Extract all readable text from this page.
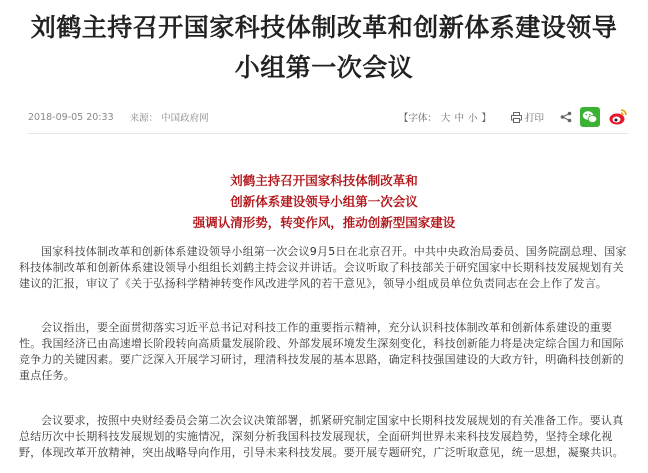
刘鹤主持召开国家科技体制改革和创新体系建设领导
小组第一次会议
2018-09-05 20:33 来源： 中国政府网	【字体： 大 中 小 】	打印
刘鹤主持召开国家科技体制改革和
创新体系建设领导小组第一次会议
强调认清形势，转变作风，推动创新型国家建设

国家科技体制改革和创新体系建设领导小组第一次会议9月5日在北京召开。中共中央政治局委员、国务院副总理、国家科技体制改革和创新体系建设领导小组组长刘鹤主持会议并讲话。会议听取了科技部关于研究国家中长期科技发展规划有关建议的汇报，审议了《关于弘扬科学精神转变作风改进学风的若干意见》，领导小组成员单位负责同志在会上作了发言。

会议指出，要全面贯彻落实习近平总书记对科技工作的重要指示精神，充分认识科技体制改革和创新体系建设的重要性。我国经济已由高速增长阶段转向高质量发展阶段、外部发展环境发生深刻变化，科技创新能力将是决定综合国力和国际竞争力的关键因素。要广泛深入开展学习研讨，理清科技发展的基本思路，确定科技强国建设的大政方针，明确科技创新的重点任务。

会议要求，按照中央财经委员会第二次会议决策部署，抓紧研究制定国家中长期科技发展规划的有关准备工作。要认真总结历次中长期科技发展规划的实施情况，深刻分析我国科技发展现状，全面研判世界未来科技发展趋势，坚持全球化视野，体现改革开放精神，突出战略导向作用，引导未来科技发展。要开展专题研究，广泛听取意见，统一思想，凝聚共识。
